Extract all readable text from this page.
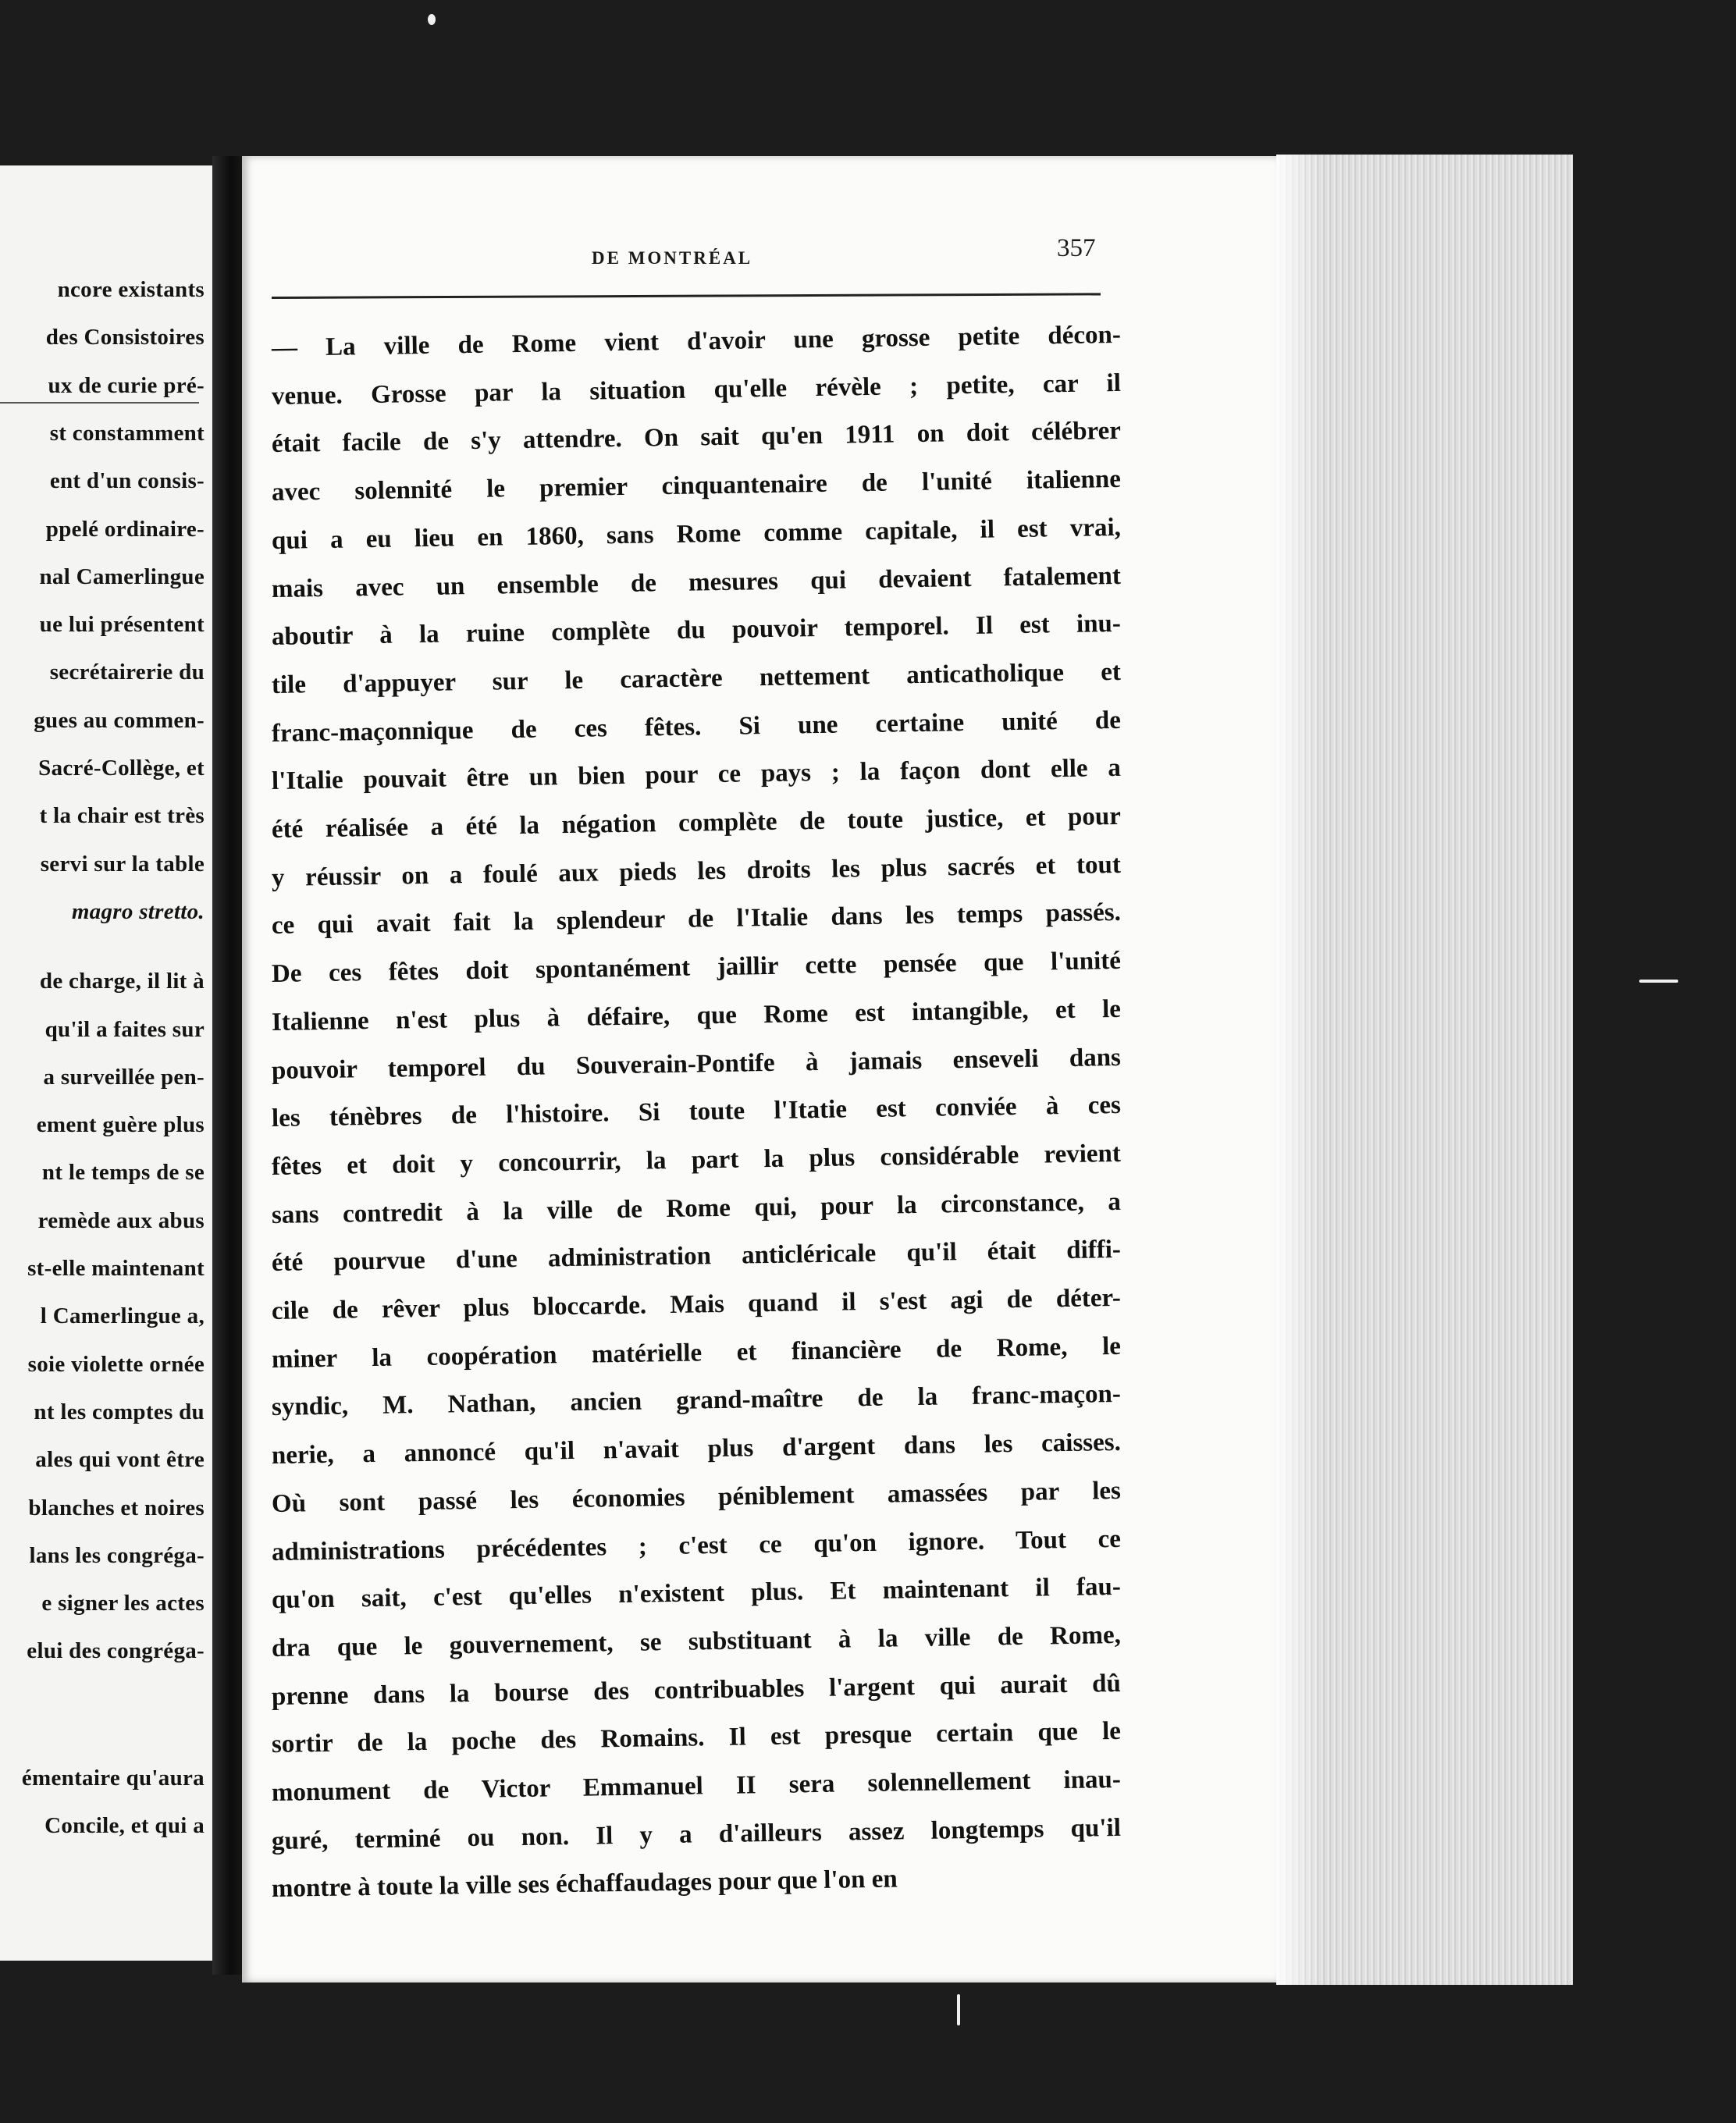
ncore existants
des Consistoires
ux de curie pré-
st constamment
ent d'un consis-
ppelé ordinaire-
nal Camerlingue
ue lui présentent
secrétairerie du
gues au commen-
Sacré-Collège, et
t la chair est très
servi sur la table
magro stretto.
de charge, il lit à
qu'il a faites sur
a surveillée pen-
ement guère plus
nt le temps de se
remède aux abus
st-elle maintenant
l Camerlingue a,
soie violette ornée
nt les comptes du
ales qui vont être
blanches et noires
lans les congréga-
e signer les actes
elui des congréga-
émentaire qu'aura
Concile, et qui a
DE MONTRÉAL	357
— La ville de Rome vient d'avoir une grosse petite décon-
venue. Grosse par la situation qu'elle révèle ; petite, car il
était facile de s'y attendre. On sait qu'en 1911 on doit célébrer
avec solennité le premier cinquantenaire de l'unité italienne
qui a eu lieu en 1860, sans Rome comme capitale, il est vrai,
mais avec un ensemble de mesures qui devaient fatalement
aboutir à la ruine complète du pouvoir temporel. Il est inu-
tile d'appuyer sur le caractère nettement anticatholique et
franc-maçonnique de ces fêtes. Si une certaine unité de
l'Italie pouvait être un bien pour ce pays ; la façon dont elle a
été réalisée a été la négation complète de toute justice, et pour
y réussir on a foulé aux pieds les droits les plus sacrés et tout
ce qui avait fait la splendeur de l'Italie dans les temps passés.
De ces fêtes doit spontanément jaillir cette pensée que l'unité
Italienne n'est plus à défaire, que Rome est intangible, et le
pouvoir temporel du Souverain-Pontife à jamais enseveli dans
les ténèbres de l'histoire. Si toute l'Itatie est conviée à ces
fêtes et doit y concourrir, la part la plus considérable revient
sans contredit à la ville de Rome qui, pour la circonstance, a
été pourvue d'une administration anticléricale qu'il était diffi-
cile de rêver plus bloccarde. Mais quand il s'est agi de déter-
miner la coopération matérielle et financière de Rome, le
syndic, M. Nathan, ancien grand-maître de la franc-maçon-
nerie, a annoncé qu'il n'avait plus d'argent dans les caisses.
Où sont passé les économies péniblement amassées par les
administrations précédentes ; c'est ce qu'on ignore. Tout ce
qu'on sait, c'est qu'elles n'existent plus. Et maintenant il fau-
dra que le gouvernement, se substituant à la ville de Rome,
prenne dans la bourse des contribuables l'argent qui aurait dû
sortir de la poche des Romains. Il est presque certain que le
monument de Victor Emmanuel II sera solennellement inau-
guré, terminé ou non. Il y a d'ailleurs assez longtemps qu'il
montre à toute la ville ses échaffaudages pour que l'on en
